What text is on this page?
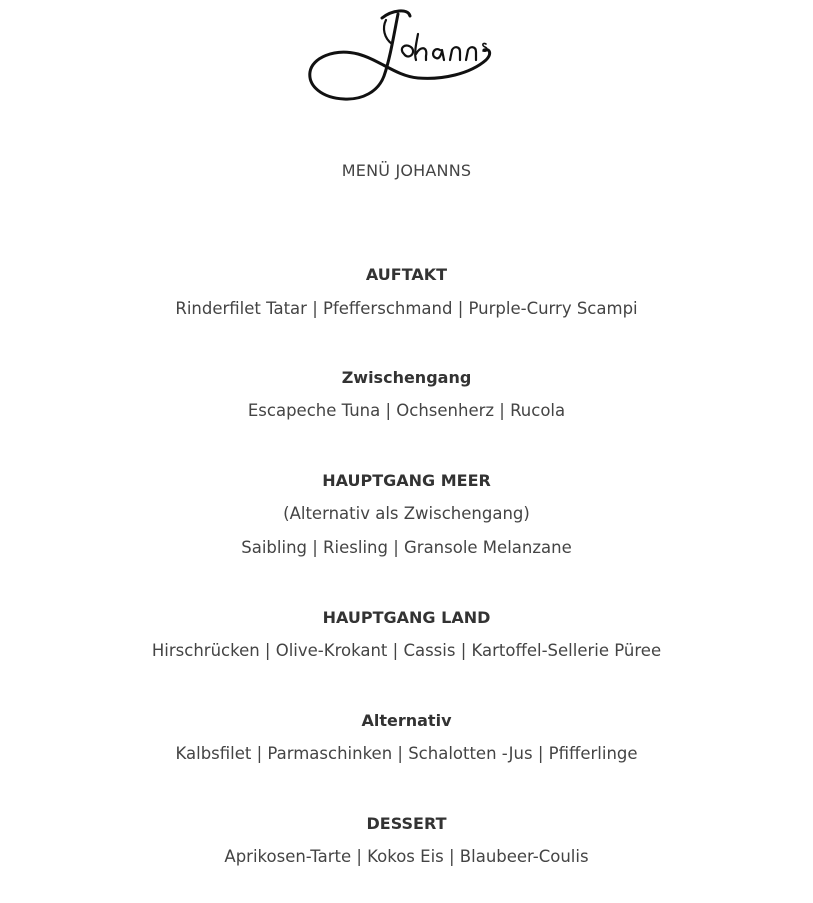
MENÜ JOHANNS
AUFTAKT
Rinderfilet Tatar | Pfefferschmand | Purple-Curry Scampi
Zwischengang
Escapeche Tuna | Ochsenherz | Rucola
HAUPTGANG MEER
(Alternativ als Zwischengang)
Saibling | Riesling | Gransole Melanzane
HAUPTGANG LAND
Hirschrücken | Olive-Krokant | Cassis | Kartoffel-Sellerie Püree
Alternativ
Kalbsfilet | Parmaschinken | Schalotten -Jus | Pfifferlinge
DESSERT
Aprikosen-Tarte | Kokos Eis | Blaubeer-Coulis
